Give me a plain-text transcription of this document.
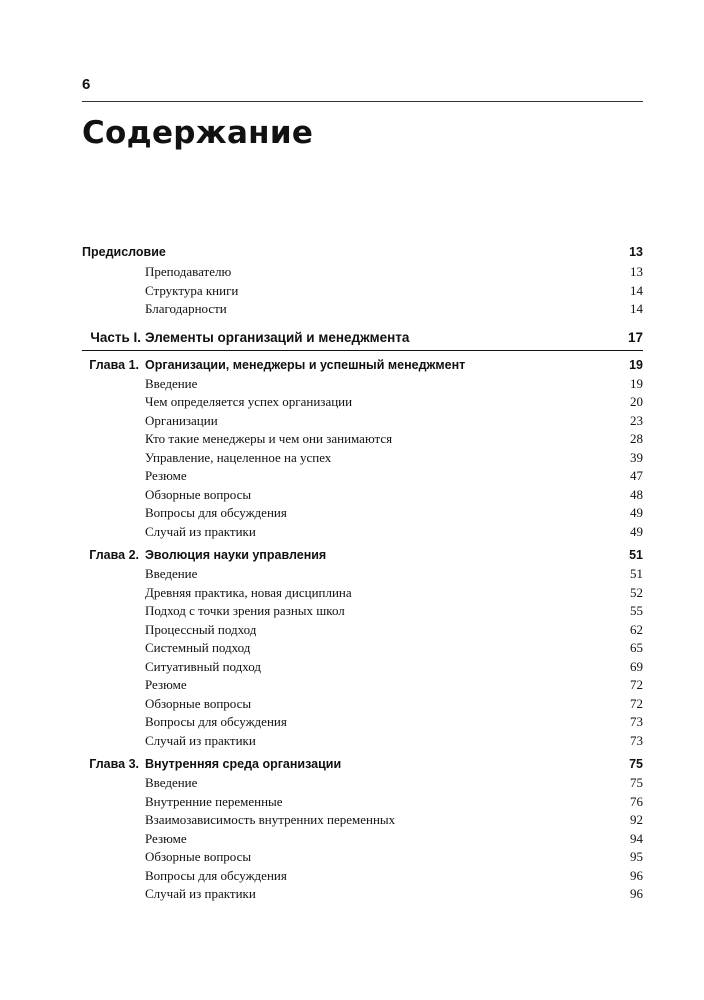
6
Содержание
Предисловие	13
Преподавателю	13
Структура книги	14
Благодарности	14
Часть I. Элементы организаций и менеджмента	17
Глава 1. Организации, менеджеры и успешный менеджмент	19
Введение	19
Чем определяется успех организации	20
Организации	23
Кто такие менеджеры и чем они занимаются	28
Управление, нацеленное на успех	39
Резюме	47
Обзорные вопросы	48
Вопросы для обсуждения	49
Случай из практики	49
Глава 2. Эволюция науки управления	51
Введение	51
Древняя практика, новая дисциплина	52
Подход с точки зрения разных школ	55
Процессный подход	62
Системный подход	65
Ситуативный подход	69
Резюме	72
Обзорные вопросы	72
Вопросы для обсуждения	73
Случай из практики	73
Глава 3. Внутренняя среда организации	75
Введение	75
Внутренние переменные	76
Взаимозависимость внутренних переменных	92
Резюме	94
Обзорные вопросы	95
Вопросы для обсуждения	96
Случай из практики	96
